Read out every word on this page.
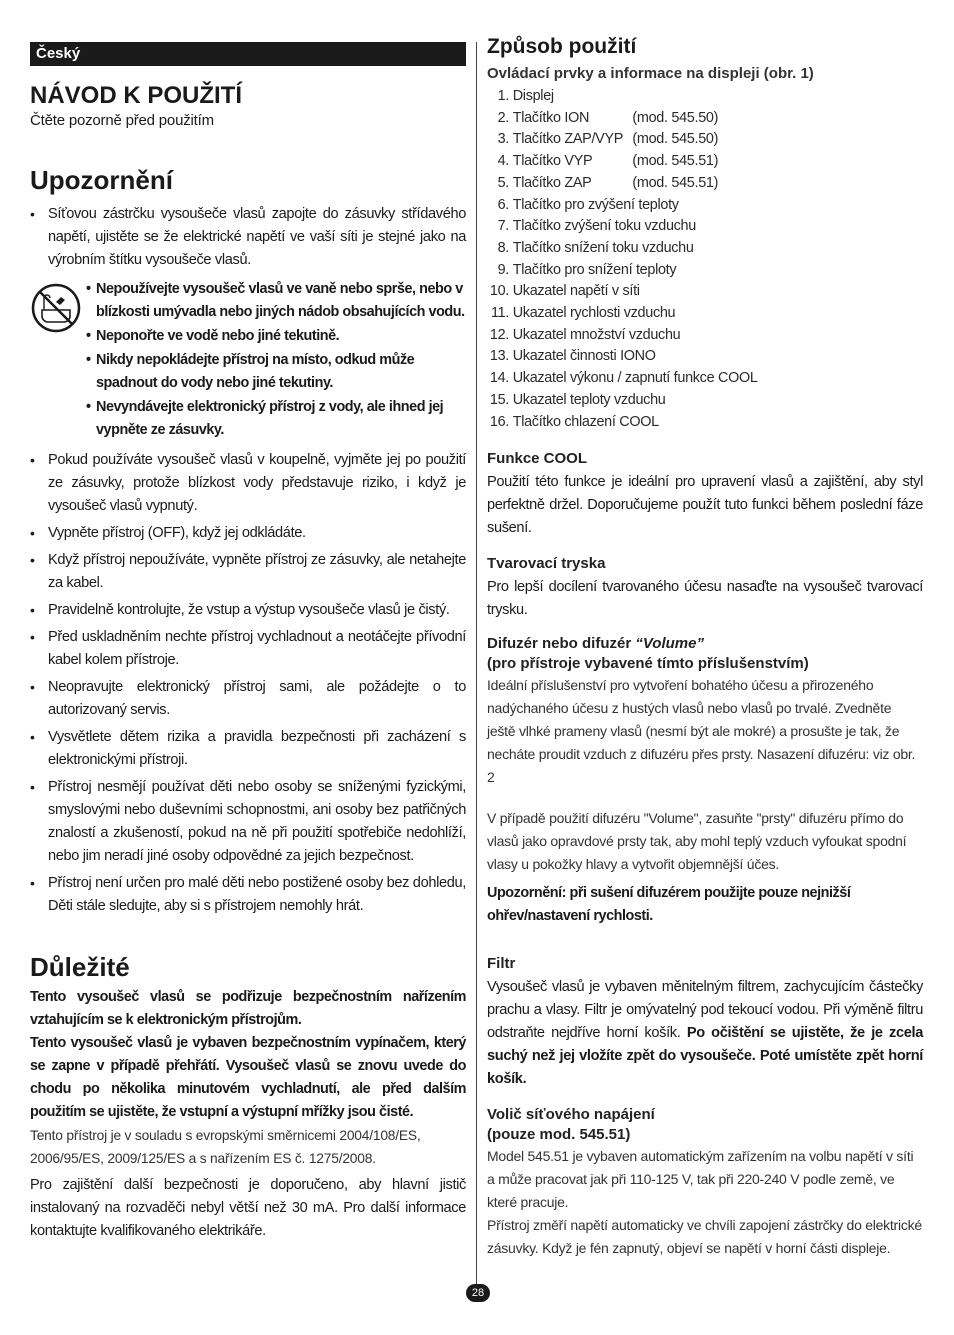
Český
NÁVOD K POUŽITÍ
Čtěte pozorně před použitím
Upozornění
• Síťovou zástrčku vysoušeče vlasů zapojte do zásuvky střídavého napětí, ujistěte se že elektrické napětí ve vaší síti je stejné jako na výrobním štítku vysoušeče vlasů.
• Nepoužívejte vysoušeč vlasů ve vaně nebo sprše, nebo v blízkosti umývadla nebo jiných nádob obsahujících vodu.
• Neponořte ve vodě nebo jiné tekutině.
• Nikdy nepokládejte přístroj na místo, odkud může spadnout do vody nebo jiné tekutiny.
• Nevyndávejte elektronický přístroj z vody, ale ihned jej vypněte ze zásuvky.
• Pokud používáte vysoušeč vlasů v koupelně, vyjměte jej po použití ze zásuvky, protože blízkost vody představuje riziko, i když je vysoušeč vlasů vypnutý.
• Vypněte přístroj (OFF), když jej odkládáte.
• Když přístroj nepoužíváte, vypněte přístroj ze zásuvky, ale netahejte za kabel.
• Pravidelně kontrolujte, že vstup a výstup vysoušeče vlasů je čistý.
• Před uskladněním nechte přístroj vychladnout a neotáčejte přívodní kabel kolem přístroje.
• Neopravujte elektronický přístroj sami, ale požádejte o to autorizovaný servis.
• Vysvětlete dětem rizika a pravidla bezpečnosti při zacházení s elektronickými přístroji.
• Přístroj nesmějí používat děti nebo osoby se sníženými fyzickými, smyslovými nebo duševními schopnostmi, ani osoby bez patřičných znalostí a zkušeností, pokud na ně při použití spotřebiče nedohlíží, nebo jim neradí jiné osoby odpovědné za jejich bezpečnost.
• Přístroj není určen pro malé děti nebo postižené osoby bez dohledu, Děti stále sledujte, aby si s přístrojem nemohly hrát.
Důležité

Tento vysoušeč vlasů se podřizuje bezpečnostním nařízením vztahujícím se k elektronickým přístrojům.

Tento vysoušeč vlasů je vybaven bezpečnostním vypínačem, který se zapne v případě přehřátí. Vysoušeč vlasů se znovu uvede do chodu po několika minutovém vychladnutí, ale před dalším použitím se ujistěte, že vstupní a výstupní mřížky jsou čisté.

Tento přístroj je v souladu s evropskými směrnicemi 2004/108/ES, 2006/95/ES, 2009/125/ES a s nařízením ES č. 1275/2008.

Pro zajištění další bezpečnosti je doporučeno, aby hlavní jistič instalovaný na rozvaděči nebyl větší než 30 mA. Pro další informace kontaktujte kvalifikovaného elektrikáře.

Způsob použití
Ovládací prvky a informace na displeji (obr. 1)
1. Displej
2. Tlačítko ION	(mod. 545.50)
3. Tlačítko ZAP/VYP (mod. 545.50)
4. Tlačítko VYP	(mod. 545.51)
5. Tlačítko ZAP	(mod. 545.51)
6. Tlačítko pro zvýšení teploty
7. Tlačítko zvýšení toku vzduchu
8. Tlačítko snížení toku vzduchu
9. Tlačítko pro snížení teploty
10. Ukazatel napětí v síti
11. Ukazatel rychlosti vzduchu
12. Ukazatel množství vzduchu
13. Ukazatel činnosti IONO
14. Ukazatel výkonu / zapnutí funkce COOL
15. Ukazatel teploty vzduchu
16. Tlačítko chlazení COOL
Funkce COOL
Použití této funkce je ideální pro upravení vlasů a zajištění, aby styl perfektně držel. Doporučujeme použít tuto funkci během poslední fáze sušení.
Tvarovací tryska
Pro lepší docílení tvarovaného účesu nasaďte na vysoušeč tvarovací trysku.
Difuzér nebo difuzér “Volume”
(pro přístroje vybavené tímto příslušenstvím)

Ideální příslušenství pro vytvoření bohatého účesu a přirozeného nadýchaného účesu z hustých vlasů nebo vlasů po trvalé. Zvedněte ještě vlhké prameny vlasů (nesmí být ale mokré) a prosušte je tak, že necháte proudit vzduch z difuzéru přes prsty. Nasazení difuzéru: viz obr. 2

V případě použití difuzéru "Volume", zasuňte "prsty" difuzéru přímo do vlasů jako opravdové prsty tak, aby mohl teplý vzduch vyfoukat spodní vlasy u pokožky hlavy a vytvořit objemnější účes.

Upozornění: při sušení difuzérem použijte pouze nejnižší ohřev/nastavení rychlosti.
Filtr
Vysoušeč vlasů je vybaven měnitelným filtrem, zachycujícím částečky prachu a vlasy. Filtr je omývatelný pod tekoucí vodou. Při výměně filtru odstraňte nejdříve horní košík. Po očištění se ujistěte, že je zcela suchý než jej vložíte zpět do vysoušeče. Poté umístěte zpět horní košík.
Volič síťového napájení
(pouze mod. 545.51)

Model 545.51 je vybaven automatickým zařízením na volbu napětí v síti a může pracovat jak při 110-125 V, tak při 220-240 V podle země, ve které pracuje.

Přístroj změří napětí automaticky ve chvíli zapojení zástrčky do elektrické zásuvky. Když je fén zapnutý, objeví se napětí v horní části displeje.

28
